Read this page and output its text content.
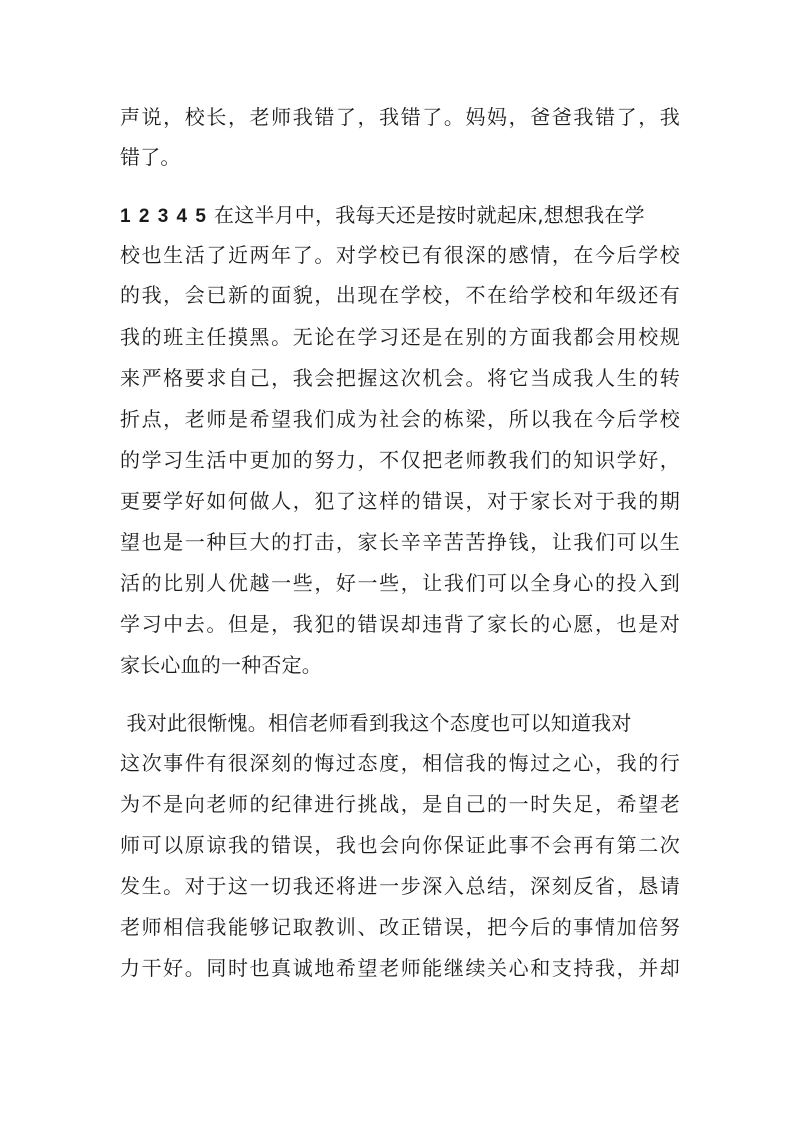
声说，校长，老师我错了，我错了。妈妈，爸爸我错了，我
错了。
1 2 3 4 5 在这半月中，我每天还是按时就起床,想想我在学
校也生活了近两年了。对学校已有很深的感情，在今后学校
的我，会已新的面貌，出现在学校，不在给学校和年级还有
我的班主任摸黑。无论在学习还是在别的方面我都会用校规
来严格要求自己，我会把握这次机会。将它当成我人生的转
折点，老师是希望我们成为社会的栋梁，所以我在今后学校
的学习生活中更加的努力，不仅把老师教我们的知识学好，
更要学好如何做人，犯了这样的错误，对于家长对于我的期
望也是一种巨大的打击，家长辛辛苦苦挣钱，让我们可以生
活的比别人优越一些，好一些，让我们可以全身心的投入到
学习中去。但是，我犯的错误却违背了家长的心愿，也是对
家长心血的一种否定。
我对此很惭愧。相信老师看到我这个态度也可以知道我对
这次事件有很深刻的悔过态度，相信我的悔过之心，我的行
为不是向老师的纪律进行挑战，是自己的一时失足，希望老
师可以原谅我的错误，我也会向你保证此事不会再有第二次
发生。对于这一切我还将进一步深入总结，深刻反省，恳请
老师相信我能够记取教训、改正错误，把今后的事情加倍努
力干好。同时也真诚地希望老师能继续关心和支持我，并却
